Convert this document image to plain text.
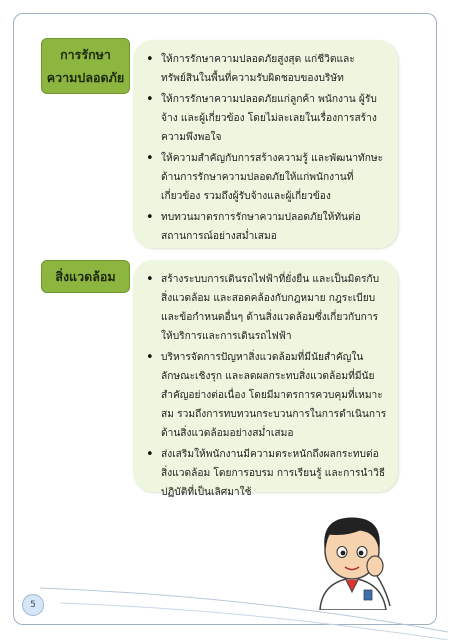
การรักษา
ความปลอดภัย
• ให้การรักษาความปลอดภัยสูงสุด แก่ชีวิตและทรัพย์สินในพื้นที่ความรับผิดชอบของบริษัท
• ให้การรักษาความปลอดภัยแก่ลูกค้า พนักงาน ผู้รับจ้าง และผู้เกี่ยวข้อง โดยไม่ละเลยในเรื่องการสร้างความพึงพอใจ
• ให้ความสำคัญกับการสร้างความรู้ และพัฒนาทักษะด้านการรักษาความปลอดภัยให้แก่พนักงานที่เกี่ยวข้อง รวมถึงผู้รับจ้างและผู้เกี่ยวข้อง
• ทบทวนมาตรการรักษาความปลอดภัยให้ทันต่อสถานการณ์อย่างสม่ำเสมอ
สิ่งแวดล้อม	• สร้างระบบการเดินรถไฟฟ้าที่ยั่งยืน และเป็นมิตรกับสิ่งแวดล้อม และสอดคล้องกับกฎหมาย กฎระเบียบ และข้อกำหนดอื่นๆ ด้านสิ่งแวดล้อมซึ่งเกี่ยวกับการให้บริการและการเดินรถไฟฟ้า
• บริหารจัดการปัญหาสิ่งแวดล้อมที่มีนัยสำคัญในลักษณะเชิงรุก และลดผลกระทบสิ่งแวดล้อมที่มีนัยสำคัญอย่างต่อเนื่อง โดยมีมาตรการควบคุมที่เหมาะสม รวมถึงการทบทวนกระบวนการในการดำเนินการด้านสิ่งแวดล้อมอย่างสม่ำเสมอ
• ส่งเสริมให้พนักงานมีความตระหนักถึงผลกระทบต่อสิ่งแวดล้อม โดยการอบรม การเรียนรู้ และการนำวิธีปฏิบัติที่เป็นเลิศมาใช้
5
